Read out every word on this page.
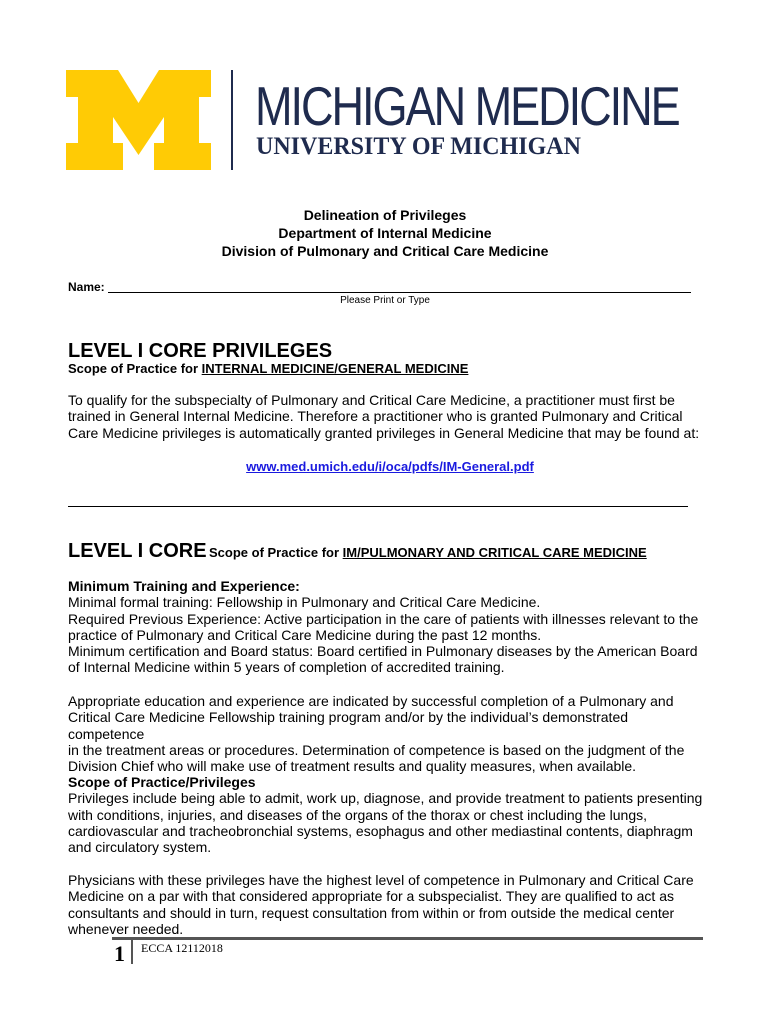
MICHIGAN MEDICINE
UNIVERSITY OF MICHIGAN
Delineation of Privileges
Department of Internal Medicine
Division of Pulmonary and Critical Care Medicine
Name:
Please Print or Type
LEVEL I CORE PRIVILEGES
Scope of Practice for INTERNAL MEDICINE/GENERAL MEDICINE
To qualify for the subspecialty of Pulmonary and Critical Care Medicine, a practitioner must first be
trained in General Internal Medicine. Therefore a practitioner who is granted Pulmonary and Critical
Care Medicine privileges is automatically granted privileges in General Medicine that may be found at:
www.med.umich.edu/i/oca/pdfs/IM-General.pdf
LEVEL I CORE Scope of Practice for IM/PULMONARY AND CRITICAL CARE MEDICINE
Minimum Training and Experience:
Minimal formal training: Fellowship in Pulmonary and Critical Care Medicine.
Required Previous Experience: Active participation in the care of patients with illnesses relevant to the
practice of Pulmonary and Critical Care Medicine during the past 12 months.
Minimum certification and Board status: Board certified in Pulmonary diseases by the American Board
of Internal Medicine within 5 years of completion of accredited training.
Appropriate education and experience are indicated by successful completion of a Pulmonary and
Critical Care Medicine Fellowship training program and/or by the individual’s demonstrated competence
in the treatment areas or procedures. Determination of competence is based on the judgment of the
Division Chief who will make use of treatment results and quality measures, when available.
Scope of Practice/Privileges
Privileges include being able to admit, work up, diagnose, and provide treatment to patients presenting
with conditions, injuries, and diseases of the organs of the thorax or chest including the lungs,
cardiovascular and tracheobronchial systems, esophagus and other mediastinal contents, diaphragm
and circulatory system.
Physicians with these privileges have the highest level of competence in Pulmonary and Critical Care
Medicine on a par with that considered appropriate for a subspecialist. They are qualified to act as
consultants and should in turn, request consultation from within or from outside the medical center
whenever needed.
1 ECCA 12112018
